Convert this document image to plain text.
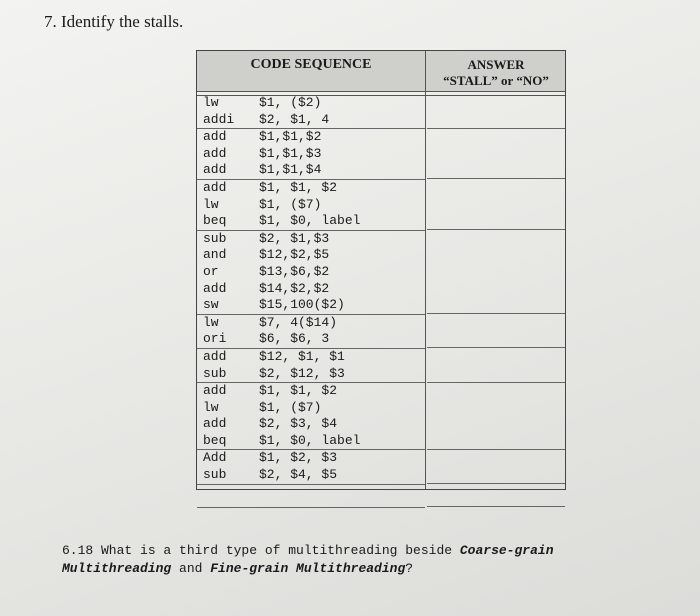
7. Identify the stalls.
CODE SEQUENCE	ANSWER
“STALL” or “NO”
lw	$1, ($2)
addi $2, $1, 4
add	$1,$1,$2
add	$1,$1,$3
add	$1,$1,$4
add	$1, $1, $2
lw	$1, ($7)
beq	$1, $0, label
sub	$2, $1,$3
and	$12,$2,$5
or	$13,$6,$2
add	$14,$2,$2
sw	$15,100($2)
lw	$7, 4($14)
ori	$6, $6, 3
add	$12, $1, $1
sub	$2, $12, $3
add	$1, $1, $2
lw	$1, ($7)
add	$2, $3, $4
beq	$1, $0, label
Add	$1, $2, $3
sub	$2, $4, $5
6.18 What is a third type of multithreading beside Coarse-grain
Multithreading and Fine-grain Multithreading?
